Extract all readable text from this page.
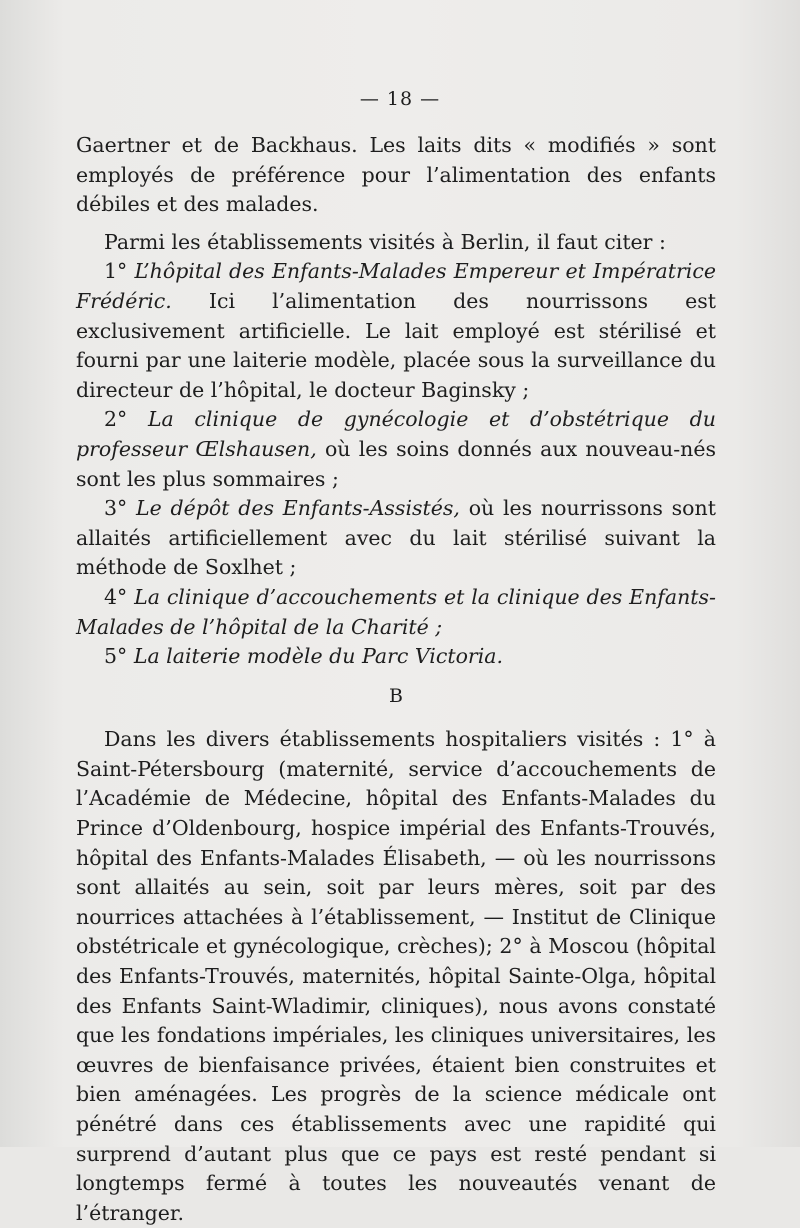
— 18 —

Gaertner et de Backhaus. Les laits dits « modifiés » sont employés de préférence pour l’alimentation des enfants débiles et des malades.

Parmi les établissements visités à Berlin, il faut citer :

1° L’hôpital des Enfants-Malades Empereur et Impératrice Frédéric. Ici l’alimentation des nourrissons est exclusivement artificielle. Le lait employé est stérilisé et fourni par une laiterie modèle, placée sous la surveillance du directeur de l’hôpital, le docteur Baginsky ;

2° La clinique de gynécologie et d’obstétrique du professeur Œlshausen, où les soins donnés aux nouveau-nés sont les plus sommaires ;

3° Le dépôt des Enfants-Assistés, où les nourrissons sont allaités artificiellement avec du lait stérilisé suivant la méthode de Soxlhet ;

4° La clinique d’accouchements et la clinique des Enfants-Malades de l’hôpital de la Charité ;

5° La laiterie modèle du Parc Victoria.

B

Dans les divers établissements hospitaliers visités : 1° à Saint-Pétersbourg (maternité, service d’accouchements de l’Académie de Médecine, hôpital des Enfants-Malades du Prince d’Oldenbourg, hospice impérial des Enfants-Trouvés, hôpital des Enfants-Malades Élisabeth, — où les nourrissons sont allaités au sein, soit par leurs mères, soit par des nourrices attachées à l’établissement, — Institut de Clinique obstétricale et gynécologique, crèches); 2° à Moscou (hôpital des Enfants-Trouvés, maternités, hôpital Sainte-Olga, hôpital des Enfants Saint-Wladimir, cliniques), nous avons constaté que les fondations impériales, les cliniques universitaires, les œuvres de bienfaisance privées, étaient bien construites et bien aménagées. Les progrès de la science médicale ont pénétré dans ces établissements avec une rapidité qui surprend d’autant plus que ce pays est resté pendant si longtemps fermé à toutes les nouveautés venant de l’étranger.
